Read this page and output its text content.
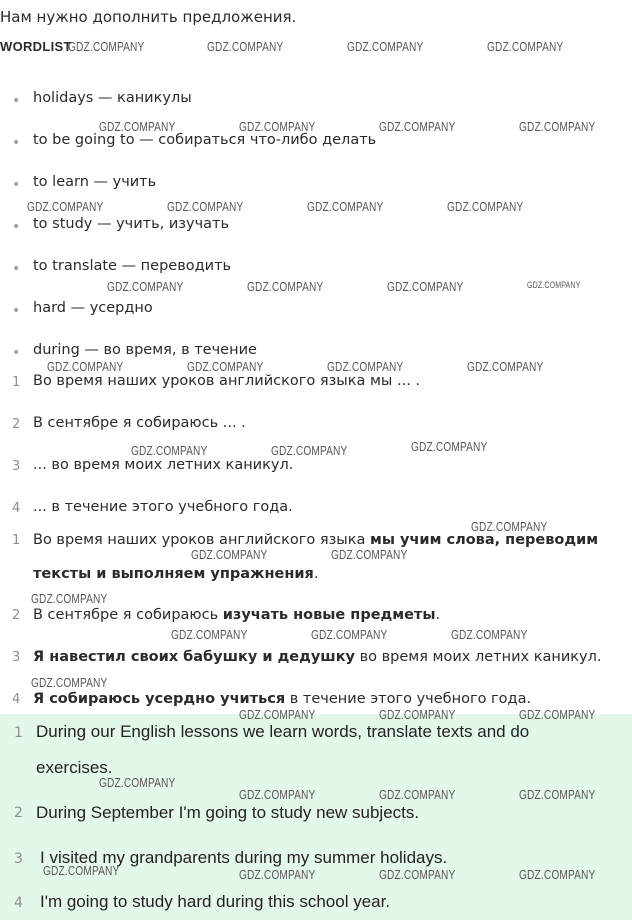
Нам нужно дополнить предложения.
WORDLIST
• holidays — каникулы
• to be going to — собираться что-либо делать
• to learn — учить
• to study — учить, изучать
• to translate — переводить
• hard — усердно
• during — во время, в течение
1 Во время наших уроков английского языка мы ... .
2 В сентябре я собираюсь ... .
3 ... во время моих летних каникул.
4 ... в течение этого учебного года.
1 Во время наших уроков английского языка мы учим слова, переводим тексты и выполняем упражнения.
2 В сентябре я собираюсь изучать новые предметы.
3 Я навестил своих бабушку и дедушку во время моих летних каникул.
4 Я собираюсь усердно учиться в течение этого учебного года.
1 During our English lessons we learn words, translate texts and do exercises.
2 During September I'm going to study new subjects.
3 I visited my grandparents during my summer holidays.
4 I'm going to study hard during this school year.
GDZ.COMPANY	GDZ.COMPANY	GDZ.COMPANY	GDZ.COMPANY
GDZ.COMPANY	GDZ.COMPANY	GDZ.COMPANY	GDZ.COMPANY
GDZ.COMPANY	GDZ.COMPANY	GDZ.COMPANY	GDZ.COMPANY
GDZ.COMPANY	GDZ.COMPANY	GDZ.COMPANY	GDZ.COMPANY
GDZ.COMPANY	GDZ.COMPANY	GDZ.COMPANY	GDZ.COMPANY
GDZ.COMPANY	GDZ.COMPANY	GDZ.COMPANY
GDZ.COMPANY
GDZ.COMPANY	GDZ.COMPANY
GDZ.COMPANY
GDZ.COMPANY	GDZ.COMPANY	GDZ.COMPANY
GDZ.COMPANY
GDZ.COMPANY	GDZ.COMPANY	GDZ.COMPANY
GDZ.COMPANY
GDZ.COMPANY	GDZ.COMPANY	GDZ.COMPANY
GDZ.COMPANY	GDZ.COMPANY	GDZ.COMPANY	GDZ.COMPANY
